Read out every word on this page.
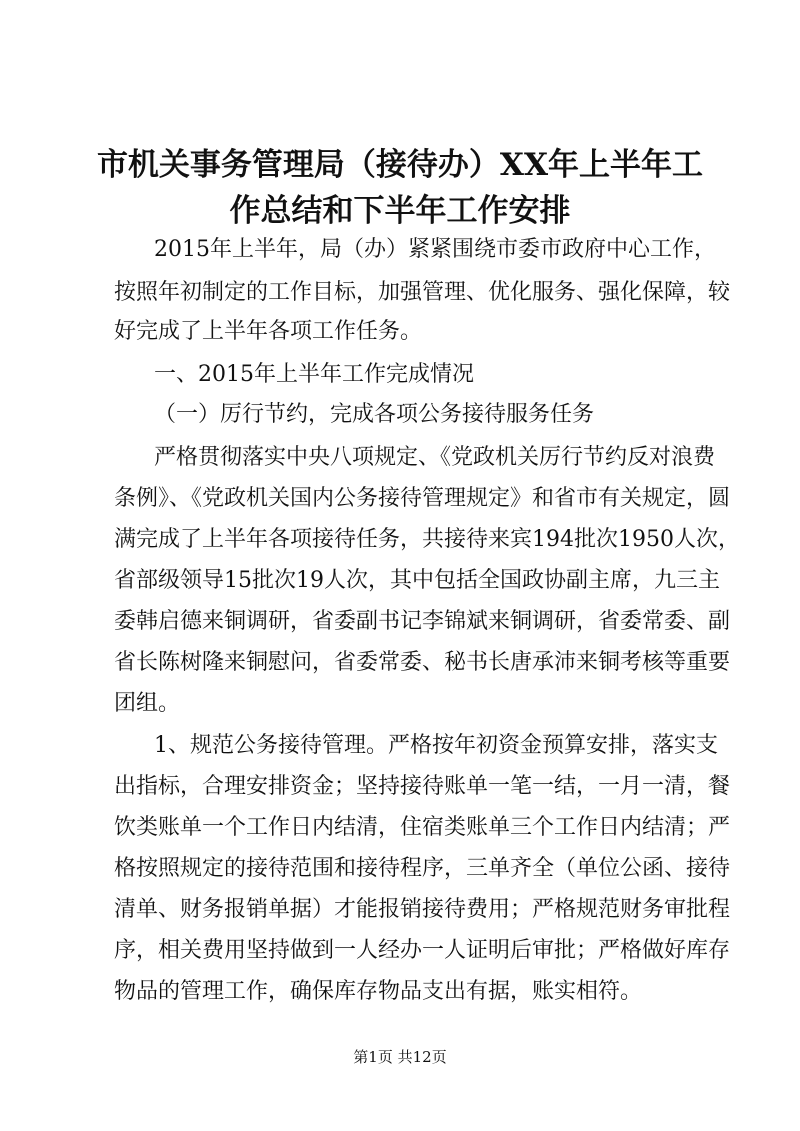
市机关事务管理局（接待办）XX年上半年工
作总结和下半年工作安排
2015年上半年，局（办）紧紧围绕市委市政府中心工作，
按照年初制定的工作目标，加强管理、优化服务、强化保障，较
好完成了上半年各项工作任务。
一、2015年上半年工作完成情况
（一）厉行节约，完成各项公务接待服务任务
严格贯彻落实中央八项规定、《党政机关厉行节约反对浪费
条例》、《党政机关国内公务接待管理规定》和省市有关规定，圆
满完成了上半年各项接待任务，共接待来宾194批次1950人次，
省部级领导15批次19人次，其中包括全国政协副主席，九三主
委韩启德来铜调研，省委副书记李锦斌来铜调研，省委常委、副
省长陈树隆来铜慰问，省委常委、秘书长唐承沛来铜考核等重要
团组。
1、规范公务接待管理。严格按年初资金预算安排，落实支
出指标，合理安排资金；坚持接待账单一笔一结，一月一清，餐
饮类账单一个工作日内结清，住宿类账单三个工作日内结清；严
格按照规定的接待范围和接待程序，三单齐全（单位公函、接待
清单、财务报销单据）才能报销接待费用；严格规范财务审批程
序，相关费用坚持做到一人经办一人证明后审批；严格做好库存
物品的管理工作，确保库存物品支出有据，账实相符。
第1页 共12页
